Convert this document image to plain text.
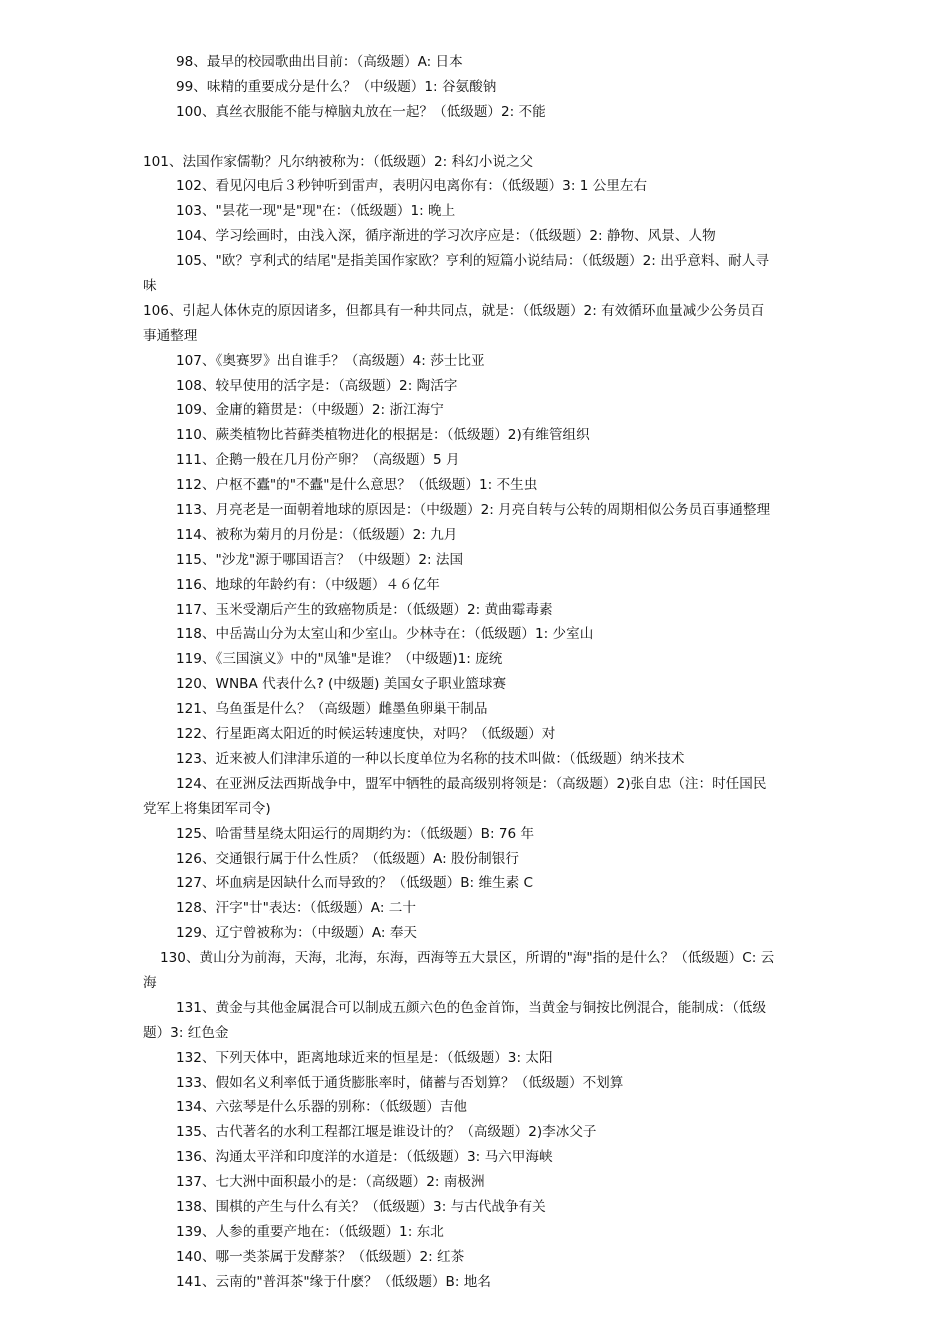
98、最早的校园歌曲出目前：（高级题）A: 日本
99、味精的重要成分是什么？（中级题）1: 谷氨酸钠
100、真丝衣服能不能与樟脑丸放在一起？（低级题）2: 不能
101、法国作家儒勒？凡尔纳被称为：（低级题）2: 科幻小说之父
102、看见闪电后３秒钟听到雷声，表明闪电离你有：（低级题）3: 1 公里左右
103、"昙花一现"是"现"在：（低级题）1: 晚上
104、学习绘画时，由浅入深，循序渐进的学习次序应是：（低级题）2: 静物、风景、人物
105、"欧？亨利式的结尾"是指美国作家欧？亨利的短篇小说结局：（低级题）2: 出乎意料、耐人寻
味
106、引起人体休克的原因诸多，但都具有一种共同点，就是：（低级题）2: 有效循环血量减少公务员百
事通整理
107、《奥赛罗》出自谁手？（高级题）4: 莎士比亚
108、较早使用的活字是：（高级题）2: 陶活字
109、金庸的籍贯是：（中级题）2: 浙江海宁
110、蕨类植物比苔藓类植物进化的根据是：（低级题）2)有维管组织
111、企鹅一般在几月份产卵？（高级题）5 月
112、户枢不蠹"的"不蠹"是什么意思？（低级题）1: 不生虫
113、月亮老是一面朝着地球的原因是：（中级题）2: 月亮自转与公转的周期相似公务员百事通整理
114、被称为菊月的月份是：（低级题）2: 九月
115、"沙龙"源于哪国语言？（中级题）2: 法国
116、地球的年龄约有：（中级题）４６亿年
117、玉米受潮后产生的致癌物质是：（低级题）2: 黄曲霉毒素
118、中岳嵩山分为太室山和少室山。少林寺在：（低级题）1: 少室山
119、《三国演义》中的"凤雏"是谁？（中级题)1: 庞统
120、WNBA 代表什么? (中级题) 美国女子职业篮球赛
121、乌鱼蛋是什么？（高级题）雌墨鱼卵巢干制品
122、行星距离太阳近的时候运转速度快，对吗？（低级题）对
123、近来被人们津津乐道的一种以长度单位为名称的技术叫做：（低级题）纳米技术
124、在亚洲反法西斯战争中，盟军中牺牲的最高级别将领是：（高级题）2)张自忠（注：时任国民
党军上将集团军司令)
125、哈雷彗星绕太阳运行的周期约为：（低级题）B: 76 年
126、交通银行属于什么性质？（低级题）A: 股份制银行
127、坏血病是因缺什么而导致的？（低级题）B: 维生素 C
128、汗字"廿"表达：（低级题）A: 二十
129、辽宁曾被称为：（中级题）A: 奉天
130、黄山分为前海，天海，北海，东海，西海等五大景区，所谓的"海"指的是什么？（低级题）C: 云
海
131、黄金与其他金属混合可以制成五颜六色的色金首饰，当黄金与铜按比例混合，能制成：（低级
题）3: 红色金
132、下列天体中，距离地球近来的恒星是：（低级题）3: 太阳
133、假如名义利率低于通货膨胀率时，储蓄与否划算？（低级题）不划算
134、六弦琴是什么乐器的别称：（低级题）吉他
135、古代著名的水利工程都江堰是谁设计的？（高级题）2)李冰父子
136、沟通太平洋和印度洋的水道是：（低级题）3: 马六甲海峡
137、七大洲中面积最小的是：（高级题）2: 南极洲
138、围棋的产生与什么有关？（低级题）3: 与古代战争有关
139、人参的重要产地在：（低级题）1: 东北
140、哪一类茶属于发酵茶？（低级题）2: 红茶
141、云南的"普洱茶"缘于什麽？（低级题）B: 地名
